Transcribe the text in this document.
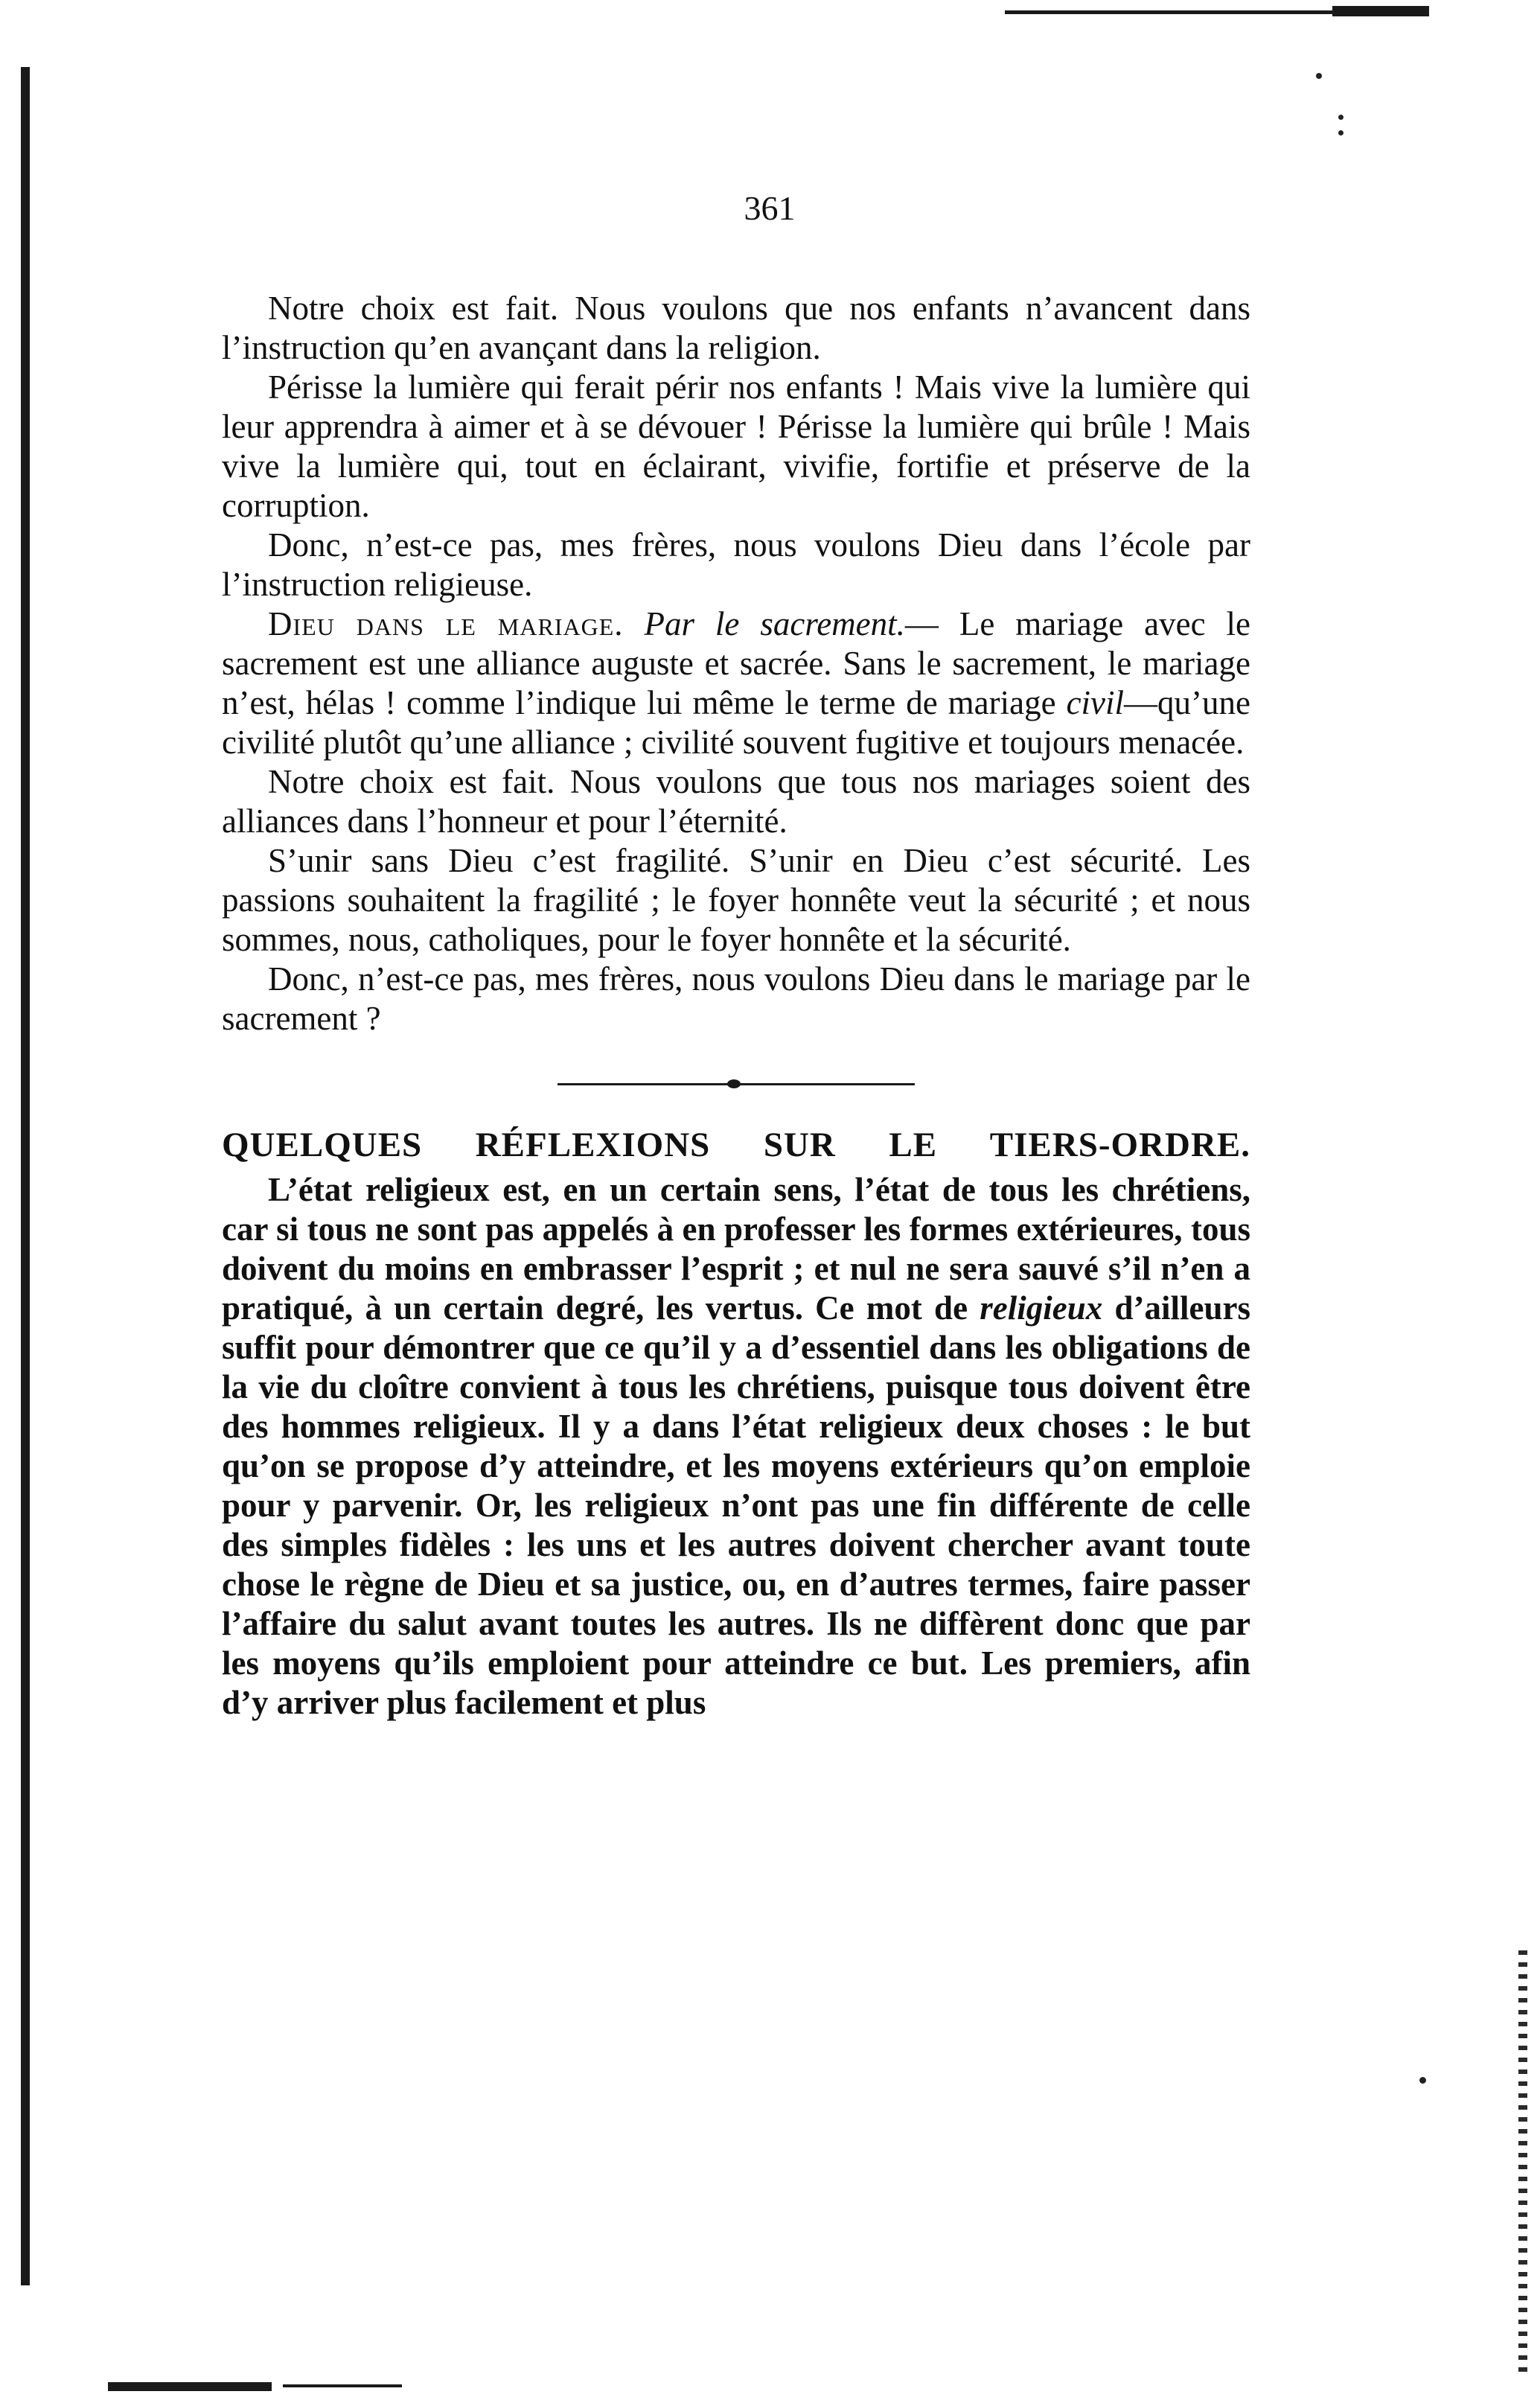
361

Notre choix est fait. Nous voulons que nos enfants n’avancent dans l’instruction qu’en avançant dans la religion.

Périsse la lumière qui ferait périr nos enfants ! Mais vive la lumière qui leur apprendra à aimer et à se dévouer ! Périsse la lumière qui brûle ! Mais vive la lumière qui, tout en éclairant, vivifie, fortifie et préserve de la corruption.

Donc, n’est-ce pas, mes frères, nous voulons Dieu dans l’école par l’instruction religieuse.

Dieu dans le mariage. Par le sacrement.— Le mariage avec le sacrement est une alliance auguste et sacrée. Sans le sacrement, le mariage n’est, hélas ! comme l’indique lui même le terme de mariage civil—qu’une civilité plutôt qu’une alliance ; civilité souvent fugitive et toujours menacée.

Notre choix est fait. Nous voulons que tous nos mariages soient des alliances dans l’honneur et pour l’éternité.

S’unir sans Dieu c’est fragilité. S’unir en Dieu c’est sécurité. Les passions souhaitent la fragilité ; le foyer honnête veut la sécurité ; et nous sommes, nous, catholiques, pour le foyer honnête et la sécurité.

Donc, n’est-ce pas, mes frères, nous voulons Dieu dans le mariage par le sacrement ?

QUELQUES RÉFLEXIONS SUR LE TIERS-ORDRE.

L’état religieux est, en un certain sens, l’état de tous les chrétiens, car si tous ne sont pas appelés à en professer les formes extérieures, tous doivent du moins en embrasser l’esprit ; et nul ne sera sauvé s’il n’en a pratiqué, à un certain degré, les vertus. Ce mot de religieux d’ailleurs suffit pour démontrer que ce qu’il y a d’essentiel dans les obligations de la vie du cloître convient à tous les chrétiens, puisque tous doivent être des hommes religieux. Il y a dans l’état religieux deux choses : le but qu’on se propose d’y atteindre, et les moyens extérieurs qu’on emploie pour y parvenir. Or, les religieux n’ont pas une fin différente de celle des simples fidèles : les uns et les autres doivent chercher avant toute chose le règne de Dieu et sa justice, ou, en d’autres termes, faire passer l’affaire du salut avant toutes les autres. Ils ne diffèrent donc que par les moyens qu’ils emploient pour atteindre ce but. Les premiers, afin d’y arriver plus facilement et plus
